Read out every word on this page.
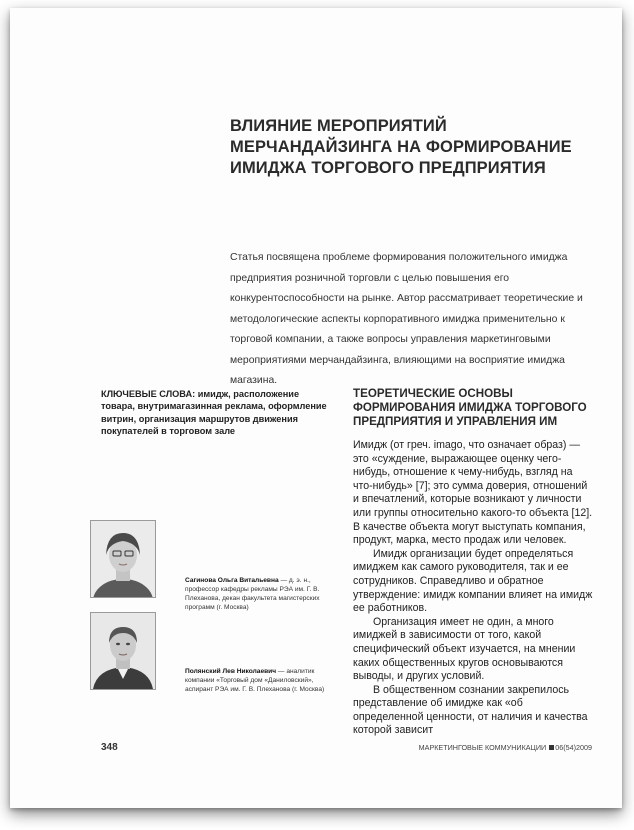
ВЛИЯНИЕ МЕРОПРИЯТИЙ МЕРЧАНДАЙЗИНГА НА ФОРМИРОВАНИЕ ИМИДЖА ТОРГОВОГО ПРЕДПРИЯТИЯ
Статья посвящена проблеме формирования положительного имиджа предприятия розничной торговли с целью повышения его конкурентоспособности на рынке. Автор рассматривает теоретические и методологические аспекты корпоративного имиджа применительно к торговой компании, а также вопросы управления маркетинговыми мероприятиями мерчандайзинга, влияющими на восприятие имиджа магазина.
КЛЮЧЕВЫЕ СЛОВА: имидж, расположение товара, внутримагазинная реклама, оформление витрин, организация маршрутов движения покупателей в торговом зале
ТЕОРЕТИЧЕСКИЕ ОСНОВЫ ФОРМИРОВАНИЯ ИМИДЖА ТОРГОВОГО ПРЕДПРИЯТИЯ И УПРАВЛЕНИЯ ИМ

Имидж (от греч. imago, что означает образ) — это «суждение, выражающее оценку чего-нибудь, отношение к чему-нибудь, взгляд на что-нибудь» [7]; это сумма доверия, отношений и впечатлений, которые возникают у личности или группы относительно какого-то объекта [12]. В качестве объекта могут выступать компания, продукт, марка, место продаж или человек.

Имидж организации будет определяться имиджем как самого руководителя, так и ее сотрудников. Справедливо и обратное утверждение: имидж компании влияет на имидж ее работников.

Организация имеет не один, а много имиджей в зависимости от того, какой специфический объект изучается, на мнении каких общественных кругов основываются выводы, и других условий.

В общественном сознании закрепилось представление об имидже как «об определенной ценности, от наличия и качества которой зависит

Сагинова Ольга Витальевна — д. э. н., профессор кафедры рекламы РЭА им. Г. В. Плеханова, декан факультета магистерских программ (г. Москва)
Полянский Лев Николаевич — аналитик компании «Торговый дом «Даниловский», аспирант РЭА им. Г. В. Плеханова (г. Москва)
348	МАРКЕТИНГОВЫЕ КОММУНИКАЦИИ 06(54)2009
